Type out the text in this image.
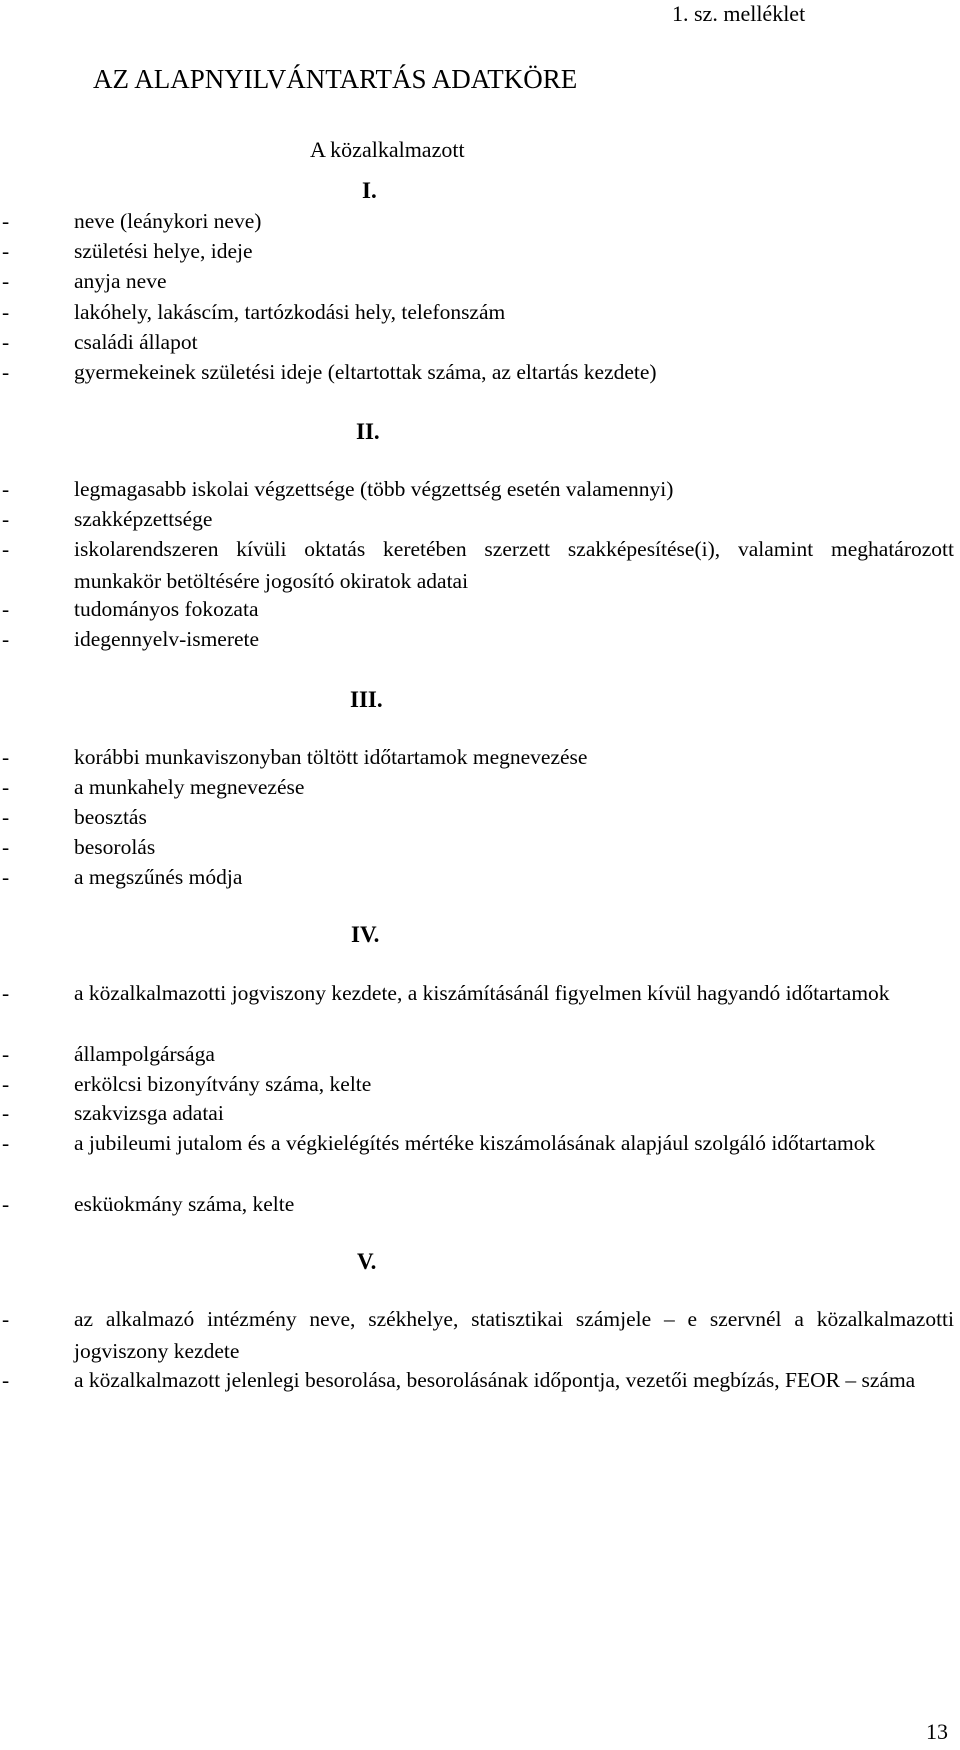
1. sz. melléklet
AZ ALAPNYILVÁNTARTÁS ADATKÖRE
A közalkalmazott
I.
-	neve (leánykori neve)
-	születési helye, ideje
-	anyja neve
-	lakóhely, lakáscím, tartózkodási hely, telefonszám
-	családi állapot
-	gyermekeinek születési ideje (eltartottak száma, az eltartás kezdete)
II.
-	legmagasabb iskolai végzettsége (több végzettség esetén valamennyi)
-	szakképzettsége
-	iskolarendszeren kívüli oktatás keretében szerzett szakképesítése(i), valamint meghatározott munkakör betöltésére jogosító okiratok adatai
-	tudományos fokozata
-	idegennyelv-ismerete
III.
-	korábbi munkaviszonyban töltött időtartamok megnevezése
-	a munkahely megnevezése
-	beosztás
-	besorolás
-	a megszűnés módja
IV.
-	a közalkalmazotti jogviszony kezdete, a kiszámításánál figyelmen kívül hagyandó időtartamok
-	állampolgársága
-	erkölcsi bizonyítvány száma, kelte
-	szakvizsga adatai
-	a jubileumi jutalom és a végkielégítés mértéke kiszámolásának alapjául szolgáló időtartamok
-	esküokmány száma, kelte
V.
-	az alkalmazó intézmény neve, székhelye, statisztikai számjele – e szervnél a közalkalmazotti jogviszony kezdete
-	a közalkalmazott jelenlegi besorolása, besorolásának időpontja, vezetői megbízás, FEOR – száma
13
